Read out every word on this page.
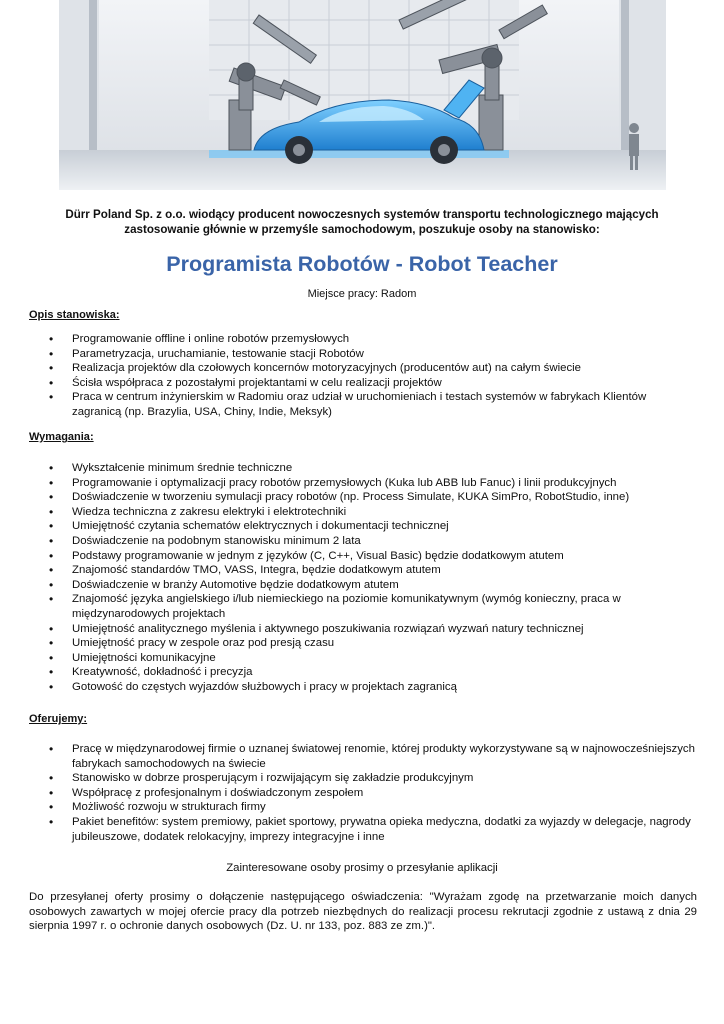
Dürr Poland Sp. z o.o. wiodący producent nowoczesnych systemów transportu technologicznego mających zastosowanie głównie w przemyśle samochodowym, poszukuje osoby na stanowisko:
Programista Robotów - Robot Teacher
Miejsce pracy: Radom
Opis stanowiska:
• Programowanie offline i online robotów przemysłowych
• Parametryzacja, uruchamianie, testowanie stacji Robotów
• Realizacja projektów dla czołowych koncernów motoryzacyjnych (producentów aut) na całym świecie
• Ścisła współpraca z pozostałymi projektantami w celu realizacji projektów
• Praca w centrum inżynierskim w Radomiu oraz udział w uruchomieniach i testach systemów w fabrykach Klientów zagranicą (np. Brazylia, USA, Chiny, Indie, Meksyk)
Wymagania:
• Wykształcenie minimum średnie techniczne
• Programowanie i optymalizacji pracy robotów przemysłowych (Kuka lub ABB lub Fanuc) i linii produkcyjnych
• Doświadczenie w tworzeniu symulacji pracy robotów (np. Process Simulate, KUKA SimPro, RobotStudio, inne)
• Wiedza techniczna z zakresu elektryki i elektrotechniki
• Umiejętność czytania schematów elektrycznych i dokumentacji technicznej
• Doświadczenie na podobnym stanowisku minimum 2 lata
• Podstawy programowanie w jednym z języków (C, C++, Visual Basic) będzie dodatkowym atutem
• Znajomość standardów TMO, VASS, Integra, będzie dodatkowym atutem
• Doświadczenie w branży Automotive będzie dodatkowym atutem
• Znajomość języka angielskiego i/lub niemieckiego na poziomie komunikatywnym (wymóg konieczny, praca w międzynarodowych projektach
• Umiejętność analitycznego myślenia i aktywnego poszukiwania rozwiązań wyzwań natury technicznej
• Umiejętność pracy w zespole oraz pod presją czasu
• Umiejętności komunikacyjne
• Kreatywność, dokładność i precyzja
• Gotowość do częstych wyjazdów służbowych i pracy w projektach zagranicą
Oferujemy:
• Pracę w międzynarodowej firmie o uznanej światowej renomie, której produkty wykorzystywane są w najnowocześniejszych fabrykach samochodowych na świecie
• Stanowisko w dobrze prosperującym i rozwijającym się zakładzie produkcyjnym
• Współpracę z profesjonalnym i doświadczonym zespołem
• Możliwość rozwoju w strukturach firmy
• Pakiet benefitów: system premiowy, pakiet sportowy, prywatna opieka medyczna, dodatki za wyjazdy w delegacje, nagrody jubileuszowe, dodatek relokacyjny, imprezy integracyjne i inne
Zainteresowane osoby prosimy o przesyłanie aplikacji
Do przesyłanej oferty prosimy o dołączenie następującego oświadczenia: "Wyrażam zgodę na przetwarzanie moich danych osobowych zawartych w mojej ofercie pracy dla potrzeb niezbędnych do realizacji procesu rekrutacji zgodnie z ustawą z dnia 29 sierpnia 1997 r. o ochronie danych osobowych (Dz. U. nr 133, poz. 883 ze zm.)".
